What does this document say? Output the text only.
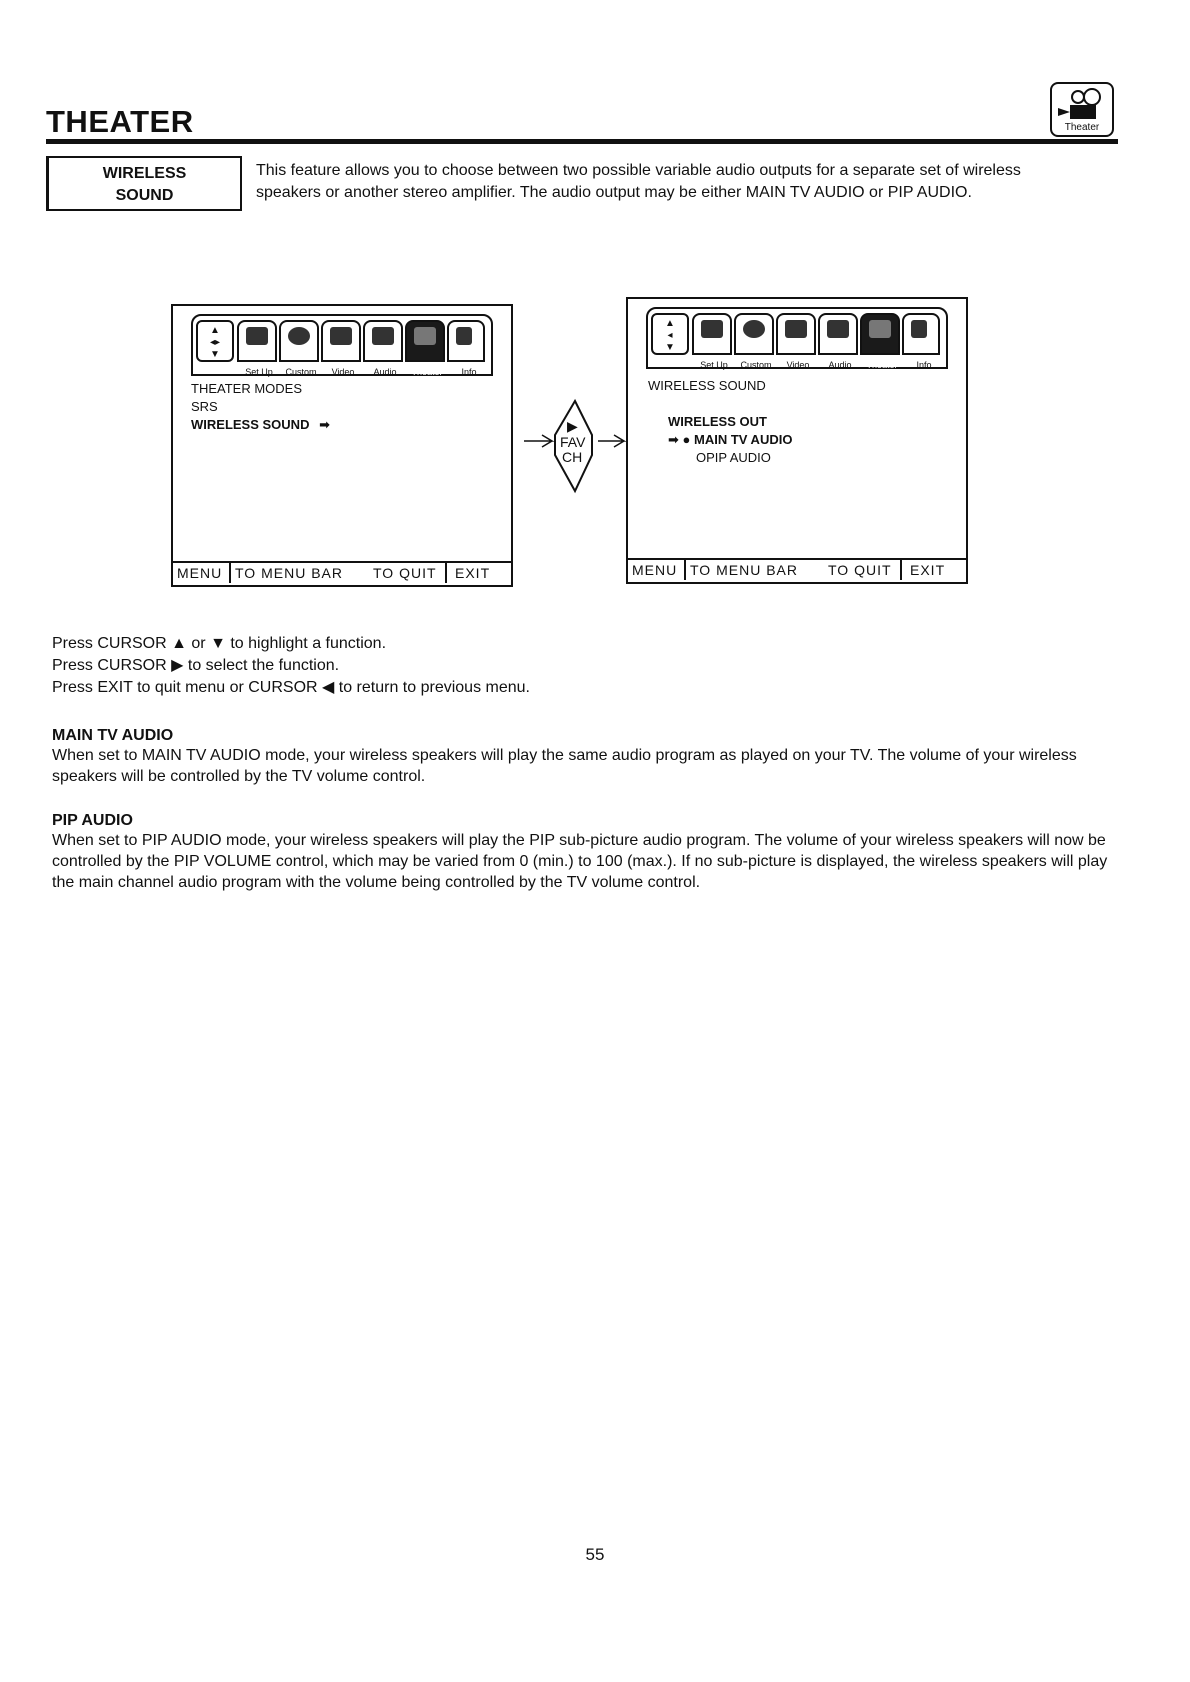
THEATER	Theater
WIRELESS
SOUND
This feature allows you to choose between two possible variable audio outputs for a separate set of wireless
speakers or another stereo amplifier. The audio output may be either MAIN TV AUDIO or PIP AUDIO.
▲
◂▸
▼
Set Up	Custom	Video	Audio	Theater	Info
THEATER MODES
SRS
WIRELESS SOUND ➡
MENU TO MENU BAR TO QUIT EXIT
▶
FAV
CH
▲
◂
▼
Set Up	Custom	Video	Audio	Theater	Info
WIRELESS SOUND
WIRELESS OUT
➡ ● MAIN TV AUDIO
OPIP AUDIO
MENU TO MENU BAR TO QUIT EXIT
Press CURSOR ▲ or ▼ to highlight a function.
Press CURSOR ▶ to select the function.
Press EXIT to quit menu or CURSOR ◀ to return to previous menu.
MAIN TV AUDIO
When set to MAIN TV AUDIO mode, your wireless speakers will play the same audio program as played on your TV. The volume of your wireless speakers will be controlled by the TV volume control.
PIP AUDIO
When set to PIP AUDIO mode, your wireless speakers will play the PIP sub-picture audio program. The volume of your wireless speakers will now be controlled by the PIP VOLUME control, which may be varied from 0 (min.) to 100 (max.). If no sub-picture is displayed, the wireless speakers will play the main channel audio program with the volume being controlled by the TV volume control.
55
